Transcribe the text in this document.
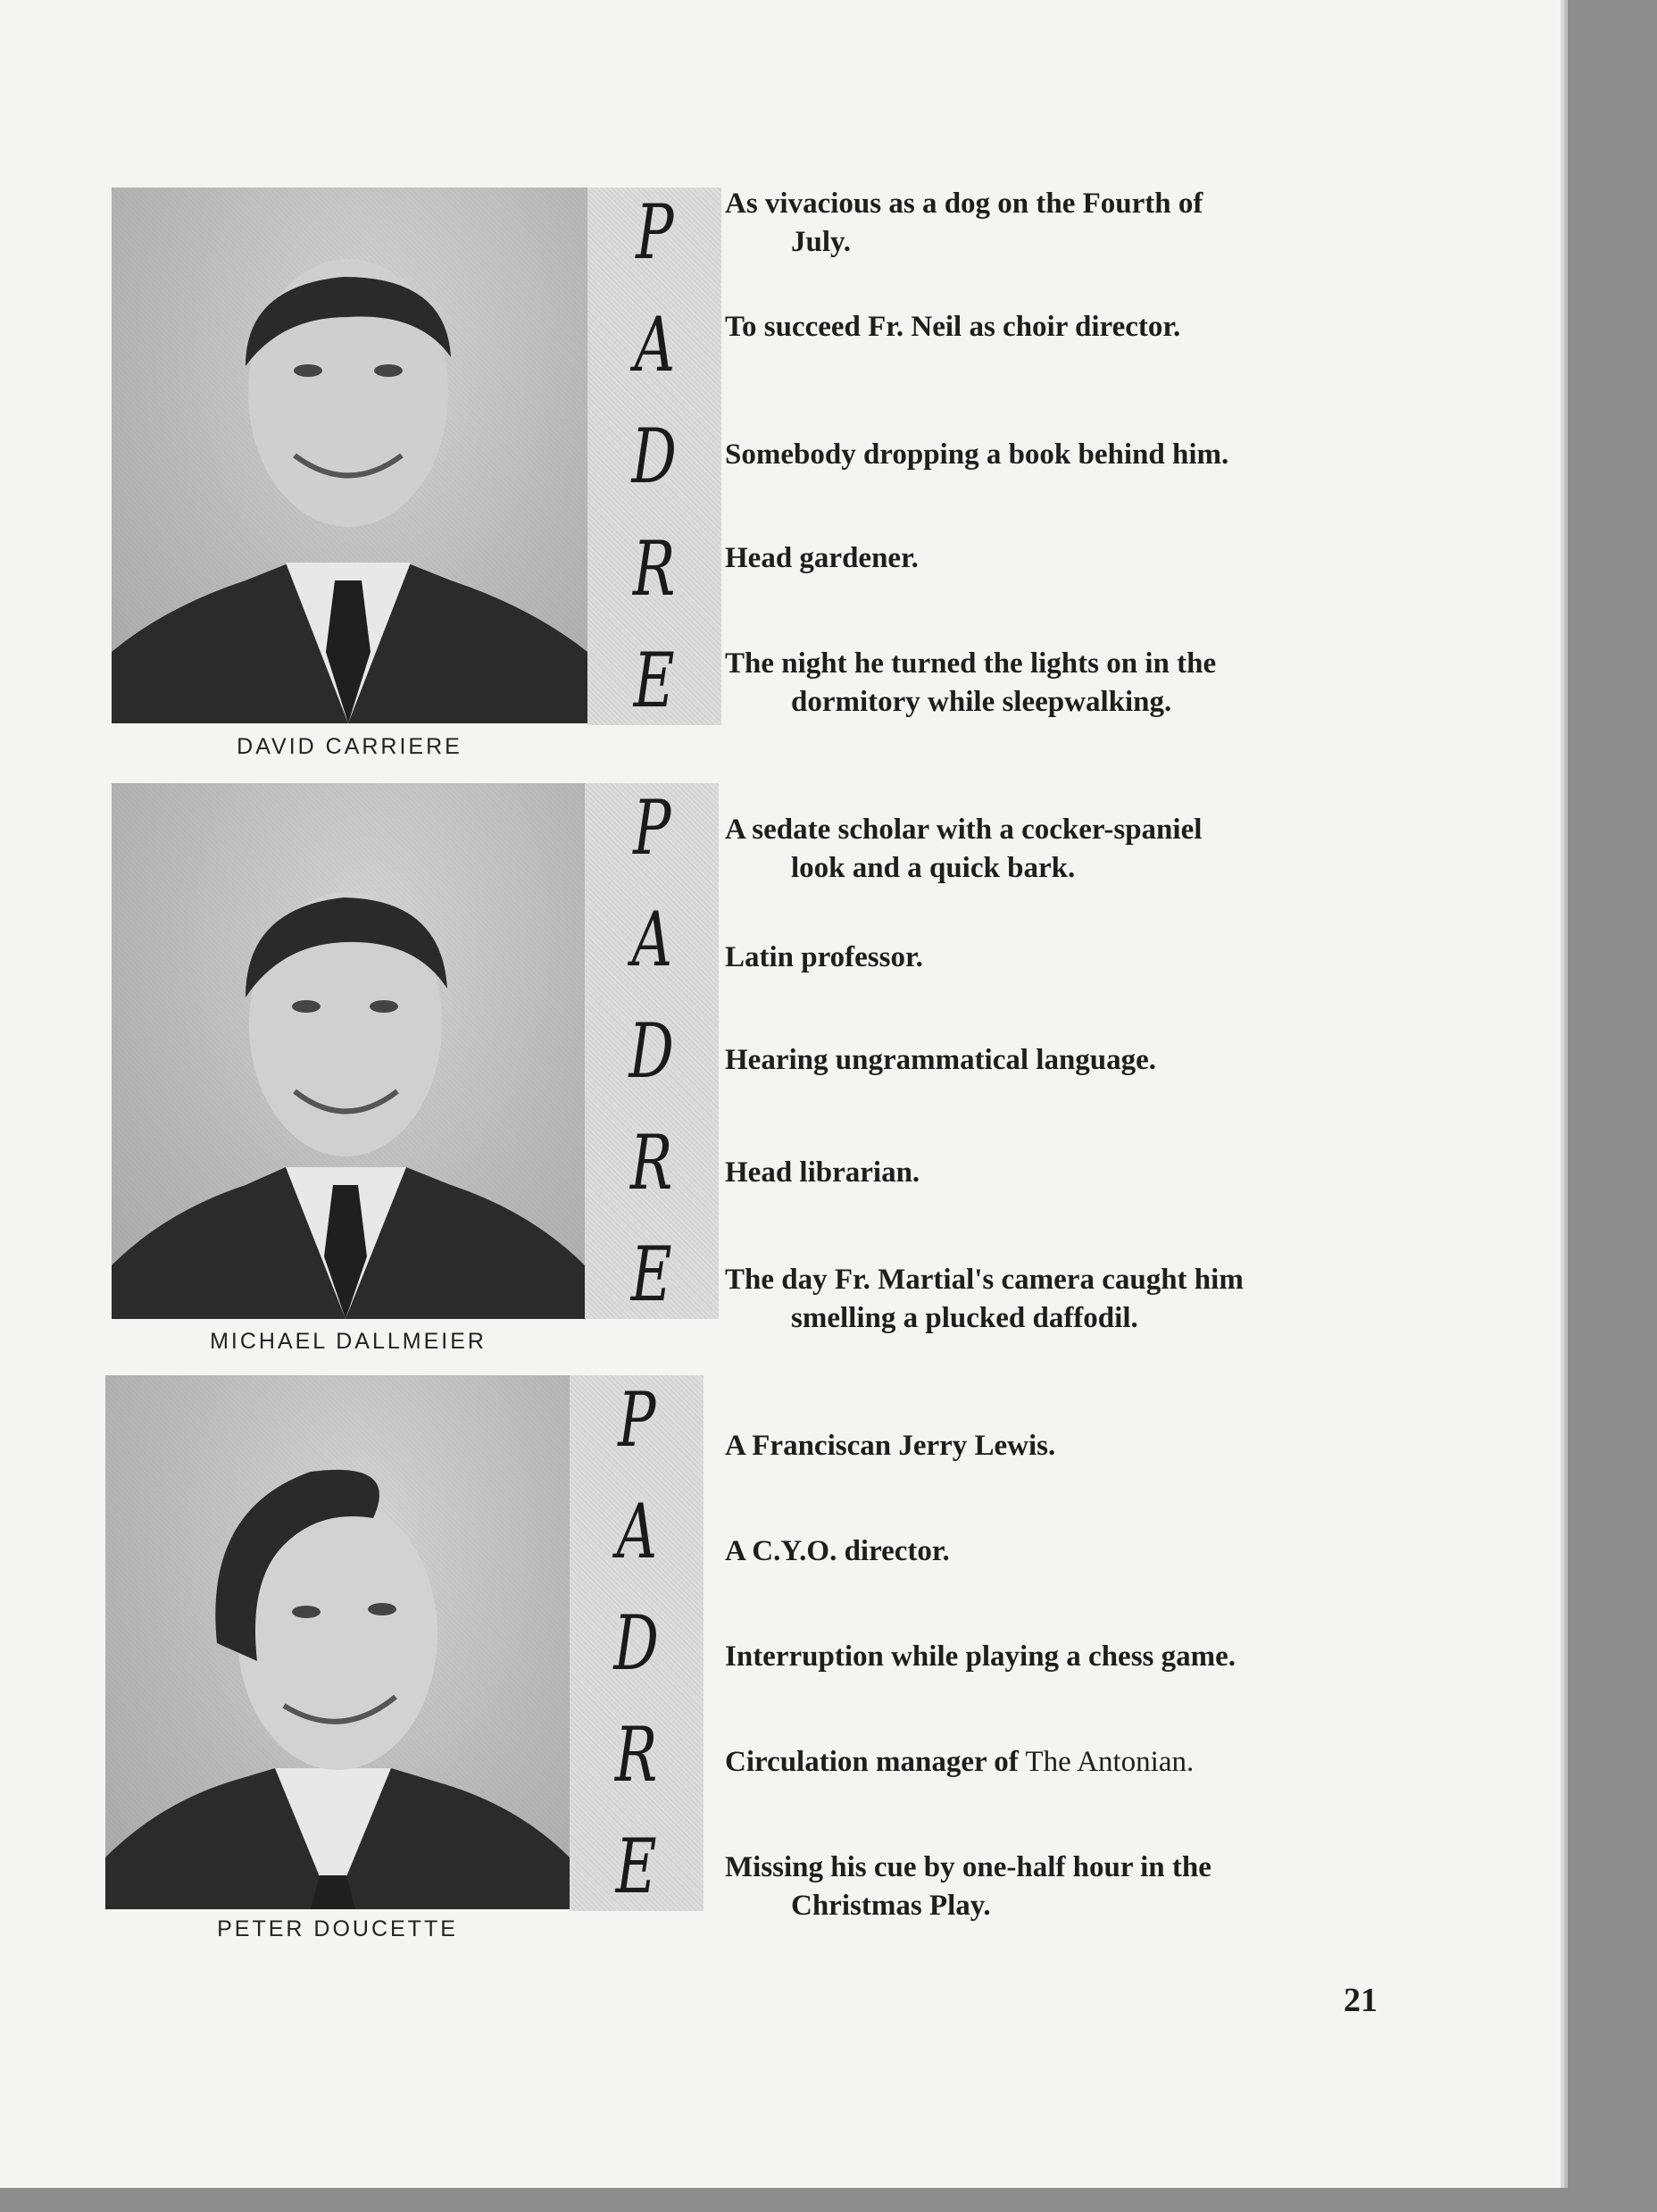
DAVID CARRIERE
P
A
D
R
E
As vivacious as a dog on the Fourth of
July.
To succeed Fr. Neil as choir director.
Somebody dropping a book behind him.
Head gardener.
The night he turned the lights on in the
dormitory while sleepwalking.
MICHAEL DALLMEIER
P
A
D
R
E
A sedate scholar with a cocker-spaniel
look and a quick bark.
Latin professor.
Hearing ungrammatical language.
Head librarian.
The day Fr. Martial's camera caught him
smelling a plucked daffodil.
PETER DOUCETTE
P
A
D
R
E
A Franciscan Jerry Lewis.
A C.Y.O. director.
Interruption while playing a chess game.
Circulation manager of The Antonian.
Missing his cue by one-half hour in the
Christmas Play.
21
